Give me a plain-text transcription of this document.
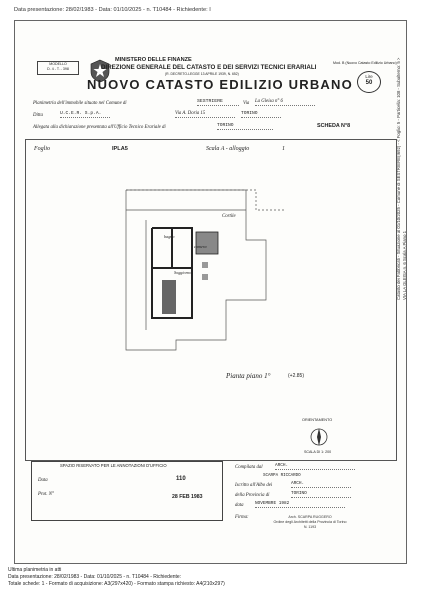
Data presentazione: 28/02/1983 - Data: 01/10/2025 - n. T10484 - Richiedente: I
MODELLO
D. 4 - T. - 398
MINISTERO DELLE FINANZE
DIREZIONE GENERALE DEL CATASTO E DEI SERVIZI TECNICI ERARIALI
(R. DECRETO-LEGGE 13 APRILE 1939, N. 652)
Mod. B (Nuovo Catasto Edilizio Urbano)
NUOVO CATASTO EDILIZIO URBANO
Lire
50
Planimetria dell'immobile situato nel Comune di	SESTRIERE	Via La Gleisa n° 6
Ditta	U.C.E.R. S.p.A.	Via A. Doria 15	TORINO
Allegata alla dichiarazione presentata all'Ufficio Tecnico Erariale di	TORINO	SCHEDA N°8
Foglio	IPLA5	Scala A - alloggio	1
Cortile
bagno
camera
Soggiorno
Pianta piano 1°	(+2.85)
ORIENTAMENTO
SCALA DI 1: 200
SPAZIO RISERVATO PER LE ANNOTAZIONI D'UFFICIO
Data
Prot. N°
110
28 FEB 1983
Compilata dal	ARCH.
SCARPA RICCARDO
Iscritto all'Albo dei	ARCH.
della Provincia di	TORINO
data	NOVEMBRE 1982
Firma:	Arch. SCARPA RUGGERO
Ordine degli Architetti della Provincia di Torino
N. 1193
Catasto dei Fabbricati - Situazione al 01/10/2025 - Comune di SESTRIERE(I692) - < Foglio: 5 - Particella: 108 - Subalterno: 5 > VIA LA GLEISA n. 6 Scala A Piano 1
Ultima planimetria in atti
Data presentazione: 28/02/1983 - Data: 01/10/2025 - n. T10484 - Richiedente:
Totale schede: 1 - Formato di acquisizione: A3(297x420) - Formato stampa richiesto: A4(210x297)
